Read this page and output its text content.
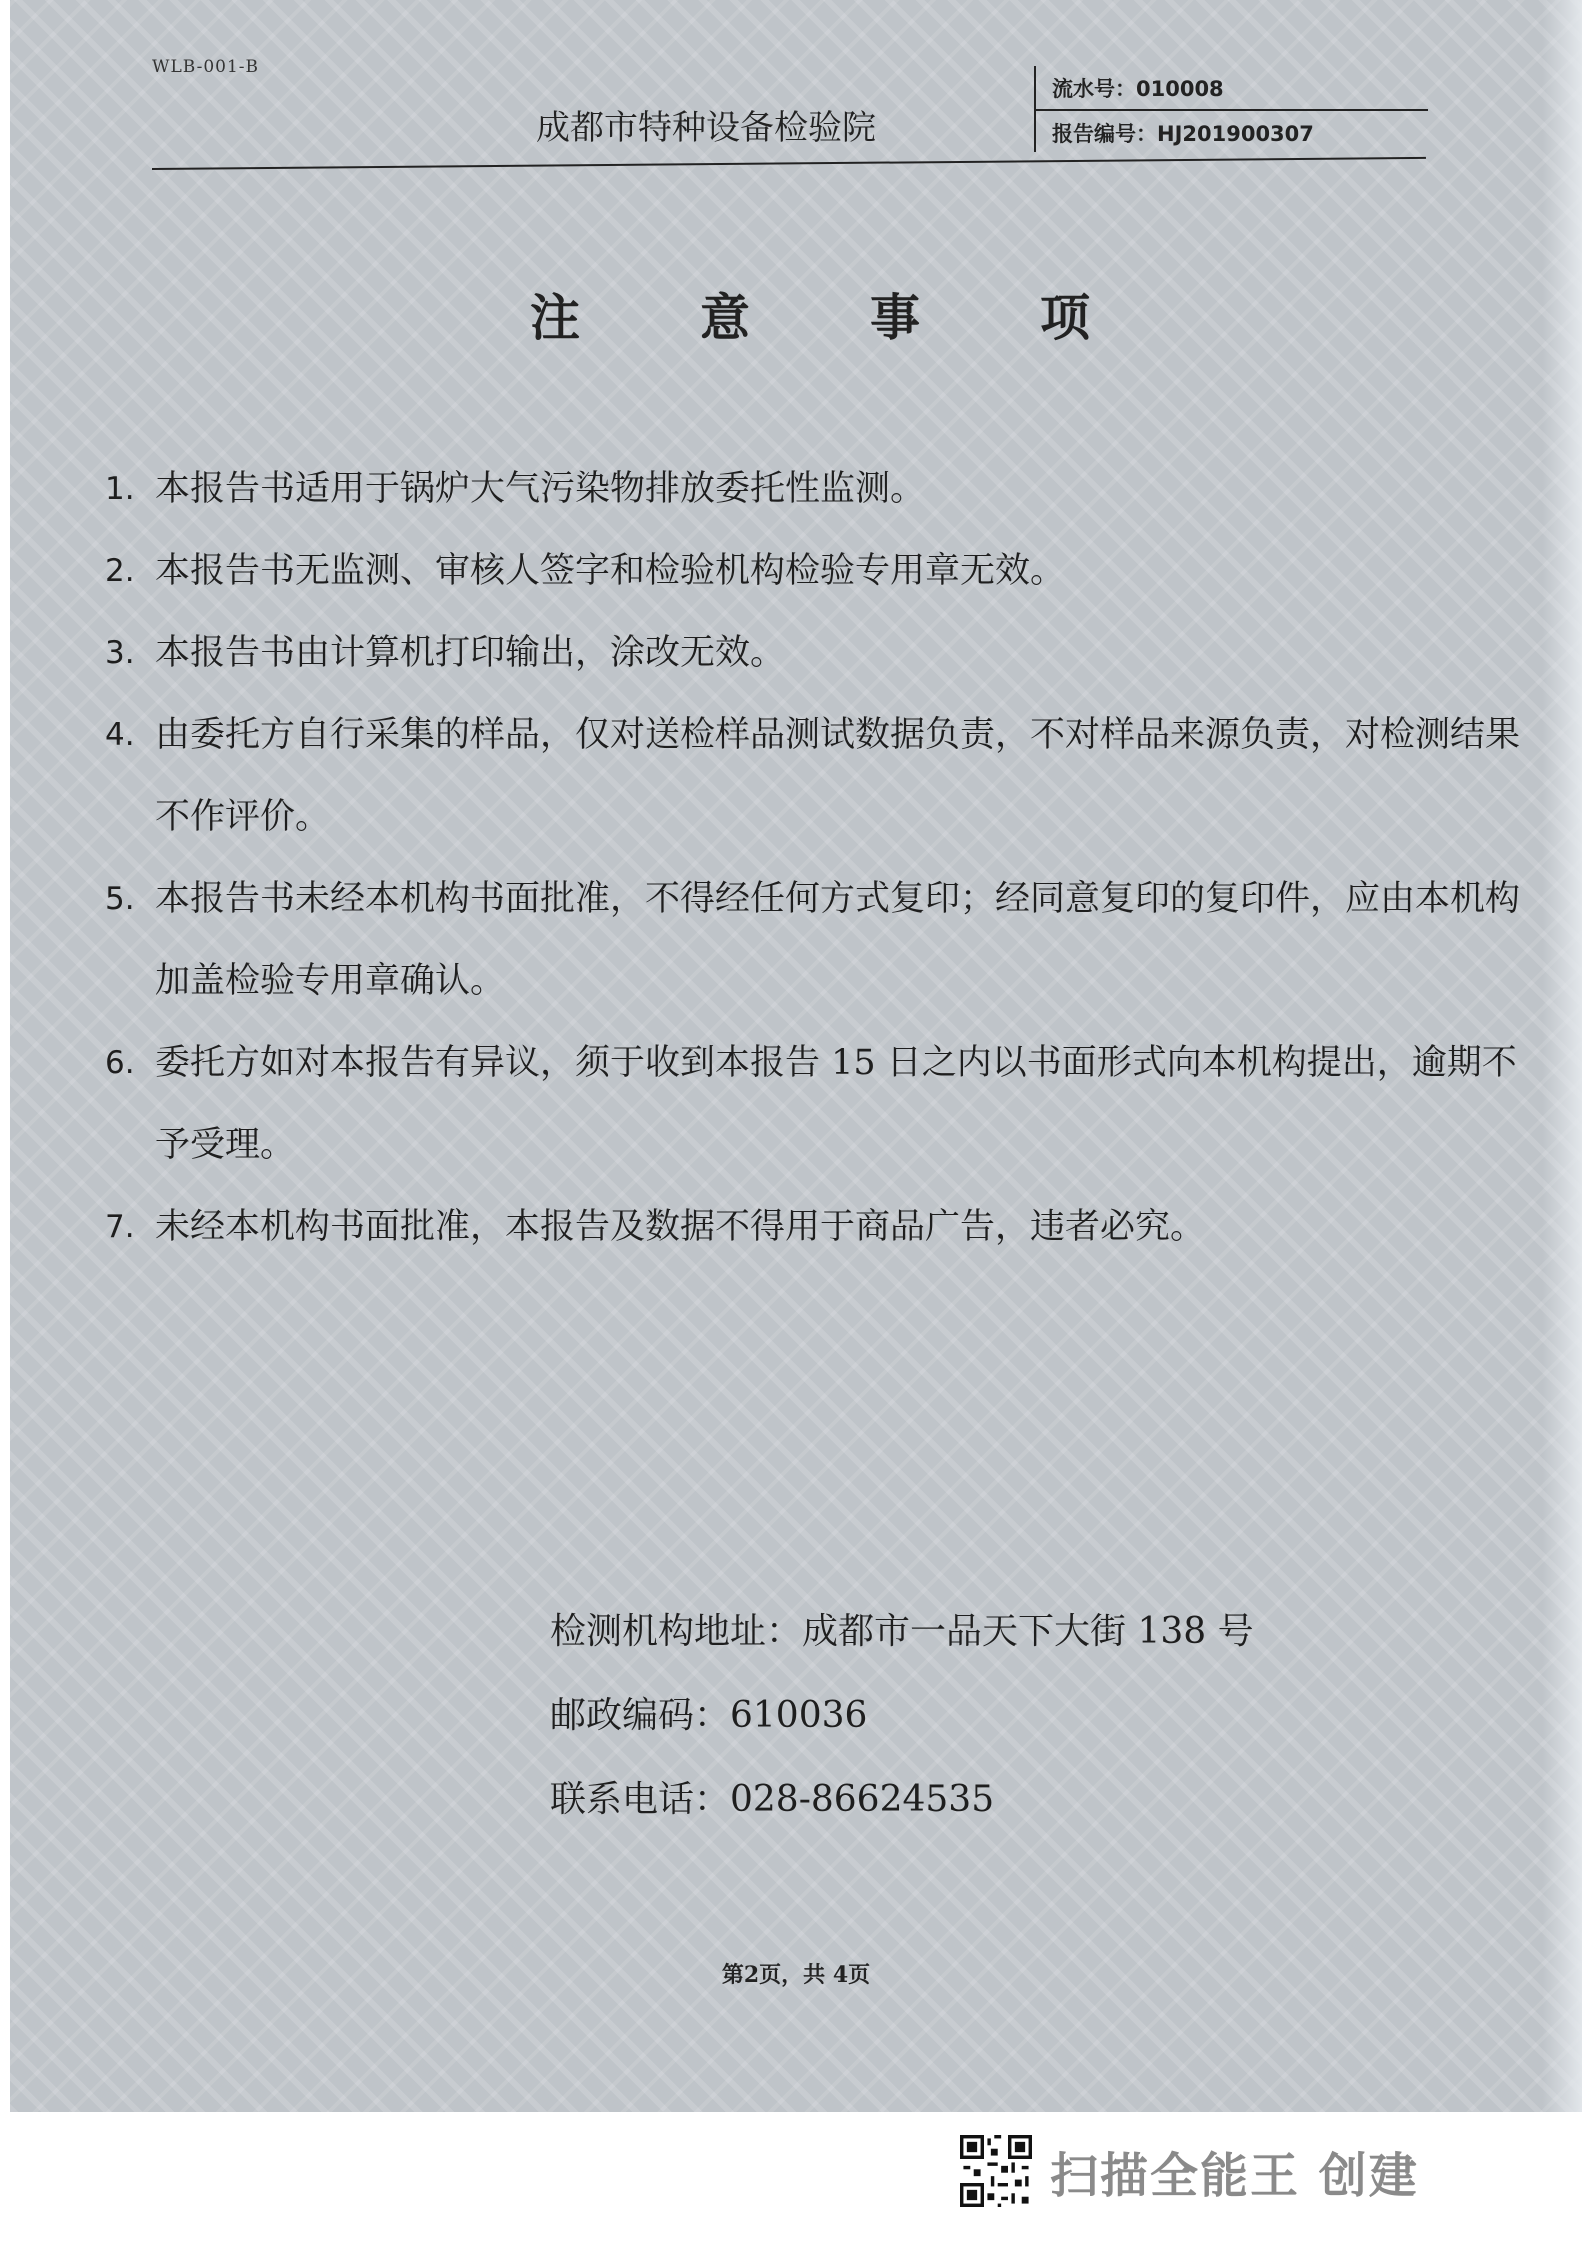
WLB-001-B
成都市特种设备检验院
流水号：010008
报告编号：HJ201900307
注 意 事 项
1. 本报告书适用于锅炉大气污染物排放委托性监测。
2. 本报告书无监测、审核人签字和检验机构检验专用章无效。
3. 本报告书由计算机打印输出，涂改无效。
4. 由委托方自行采集的样品，仅对送检样品测试数据负责，不对样品来源负责，对检测结果不作评价。
5. 本报告书未经本机构书面批准，不得经任何方式复印；经同意复印的复印件，应由本机构加盖检验专用章确认。
6. 委托方如对本报告有异议，须于收到本报告 15 日之内以书面形式向本机构提出，逾期不予受理。
7. 未经本机构书面批准，本报告及数据不得用于商品广告，违者必究。
检测机构地址：成都市一品天下大街 138 号
邮政编码：610036
联系电话：028-86624535
第2页，共 4页
扫描全能王 创建
